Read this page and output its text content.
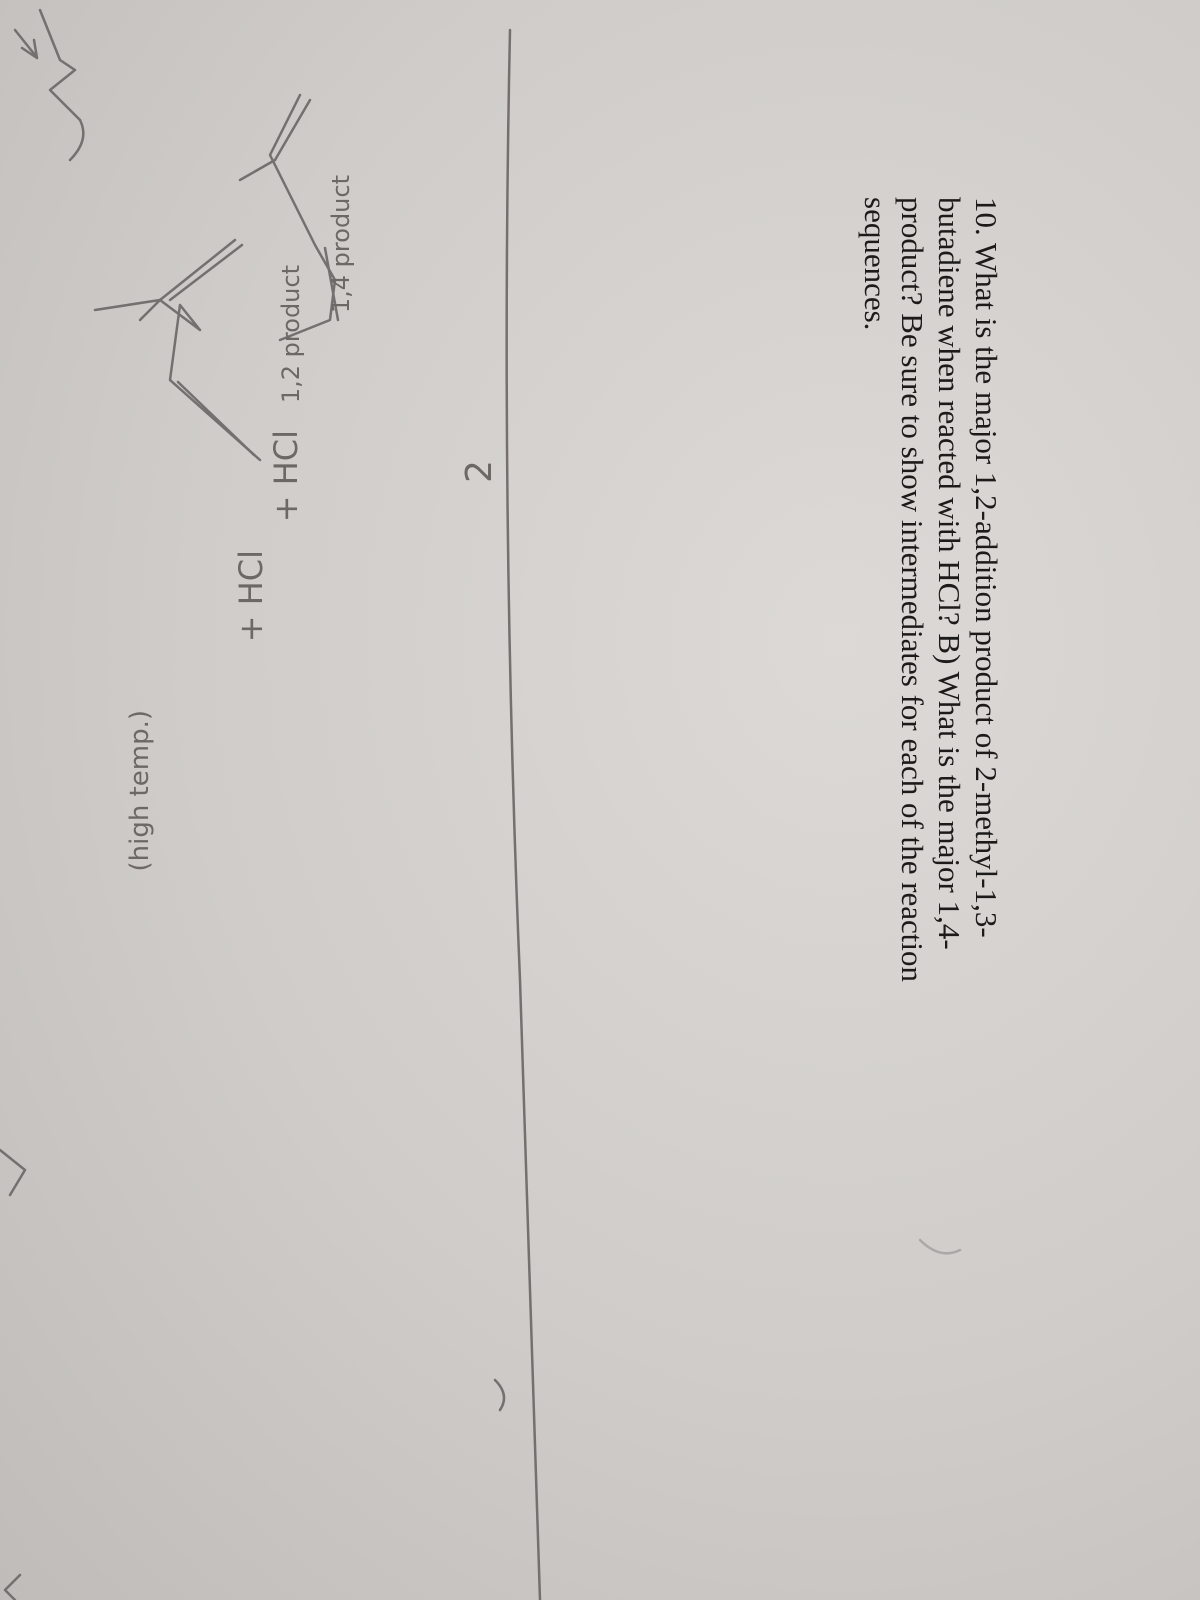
10. What is the major 1,2-addition product of 2-methyl-1,3-
butadiene when reacted with HCl? B) What is the major 1,4-
product? Be sure to show intermediates for each of the reaction
sequences.
(high temp.)
1,2 product
+ HCl
2
1,4 product
+ HCl
